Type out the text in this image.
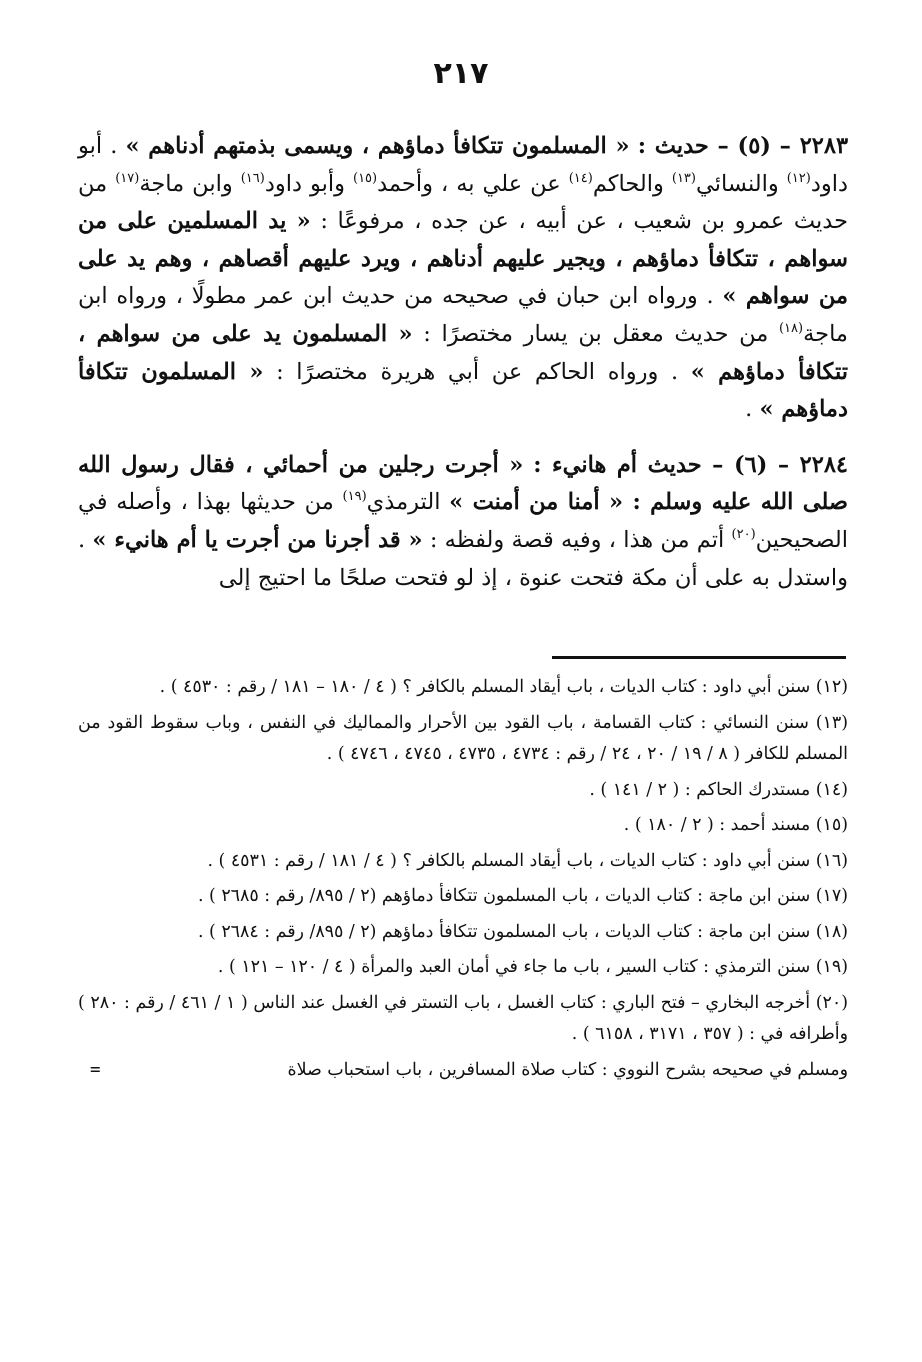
٢١٧

٢٢٨٣ – (٥) – حديث : « المسلمون تتكافأ دماؤهم ، ويسمى بذمتهم أدناهم » . أبو داود$^{(١٢)}$ والنسائي$^{(١٣)}$ والحاكم$^{(١٤)}$ عن علي به ، وأحمد$^{(١٥)}$ وأبو داود$^{(١٦)}$ وابن ماجة$^{(١٧)}$ من حديث عمرو بن شعيب ، عن أبيه ، عن جده ، مرفوعًا : « يد المسلمين على من سواهم ، تتكافأ دماؤهم ، ويجير عليهم أدناهم ، ويرد عليهم أقصاهم ، وهم يد على من سواهم » . ورواه ابن حبان في صحيحه من حديث ابن عمر مطولًا ، ورواه ابن ماجة$^{(١٨)}$ من حديث معقل بن يسار مختصرًا : « المسلمون يد على من سواهم ، تتكافأ دماؤهم » . ورواه الحاكم عن أبي هريرة مختصرًا : « المسلمون تتكافأ دماؤهم » .

٢٢٨٤ – (٦) – حديث أم هانيء : « أجرت رجلين من أحمائي ، فقال رسول الله صلى الله عليه وسلم : « أمنا من أمنت » الترمذي$^{(١٩)}$ من حديثها بهذا ، وأصله في الصحيحين$^{(٢٠)}$ أتم من هذا ، وفيه قصة ولفظه : « قد أجرنا من أجرت يا أم هانيء » . واستدل به على أن مكة فتحت عنوة ، إذ لو فتحت صلحًا ما احتيج إلى

(١٢) سنن أبي داود : كتاب الديات ، باب أيقاد المسلم بالكافر ؟ ( ٤ / ١٨٠ – ١٨١ / رقم : ٤٥٣٠ ) .

(١٣) سنن النسائي : كتاب القسامة ، باب القود بين الأحرار والمماليك في النفس ، وباب سقوط القود من المسلم للكافر ( ٨ / ١٩ / ٢٠ ، ٢٤ / رقم : ٤٧٣٤ ، ٤٧٣٥ ، ٤٧٤٥ ، ٤٧٤٦ ) .

(١٤) مستدرك الحاكم : ( ٢ / ١٤١ ) .

(١٥) مسند أحمد : ( ٢ / ١٨٠ ) .

(١٦) سنن أبي داود : كتاب الديات ، باب أيقاد المسلم بالكافر ؟ ( ٤ / ١٨١ / رقم : ٤٥٣١ ) .

(١٧) سنن ابن ماجة : كتاب الديات ، باب المسلمون تتكافأ دماؤهم (٢ / ٨٩٥/ رقم : ٢٦٨٥ ) .

(١٨) سنن ابن ماجة : كتاب الديات ، باب المسلمون تتكافأ دماؤهم (٢ / ٨٩٥/ رقم : ٢٦٨٤ ) .

(١٩) سنن الترمذي : كتاب السير ، باب ما جاء في أمان العبد والمرأة ( ٤ / ١٢٠ – ١٢١ ) .

(٢٠) أخرجه البخاري – فتح الباري : كتاب الغسل ، باب التستر في الغسل عند الناس ( ١ / ٤٦١ / رقم : ٢٨٠ ) وأطرافه في : ( ٣٥٧ ، ٣١٧١ ، ٦١٥٨ ) .

ومسلم في صحيحه بشرح النووي : كتاب صلاة المسافرين ، باب استحباب صلاة
=
